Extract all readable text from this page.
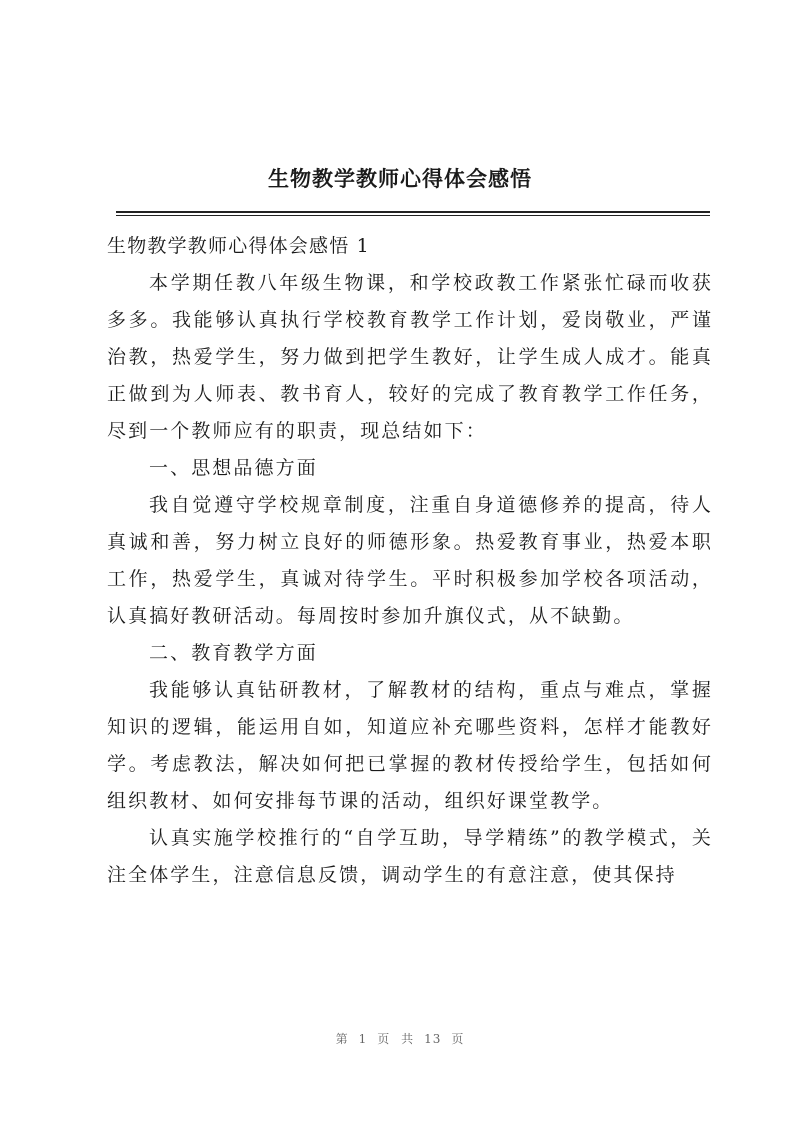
生物教学教师心得体会感悟

生物教学教师心得体会感悟 1

本学期任教八年级生物课，和学校政教工作紧张忙碌而收获多多。我能够认真执行学校教育教学工作计划，爱岗敬业，严谨治教，热爱学生，努力做到把学生教好，让学生成人成才。能真正做到为人师表、教书育人，较好的完成了教育教学工作任务，尽到一个教师应有的职责，现总结如下：

一、思想品德方面

我自觉遵守学校规章制度，注重自身道德修养的提高，待人真诚和善，努力树立良好的师德形象。热爱教育事业，热爱本职工作，热爱学生，真诚对待学生。平时积极参加学校各项活动，认真搞好教研活动。每周按时参加升旗仪式，从不缺勤。

二、教育教学方面

我能够认真钻研教材，了解教材的结构，重点与难点，掌握知识的逻辑，能运用自如，知道应补充哪些资料，怎样才能教好学。考虑教法，解决如何把已掌握的教材传授给学生，包括如何组织教材、如何安排每节课的活动，组织好课堂教学。

认真实施学校推行的“自学互助，导学精练”的教学模式，关注全体学生，注意信息反馈，调动学生的有意注意，使其保持

第 1 页 共 13 页
